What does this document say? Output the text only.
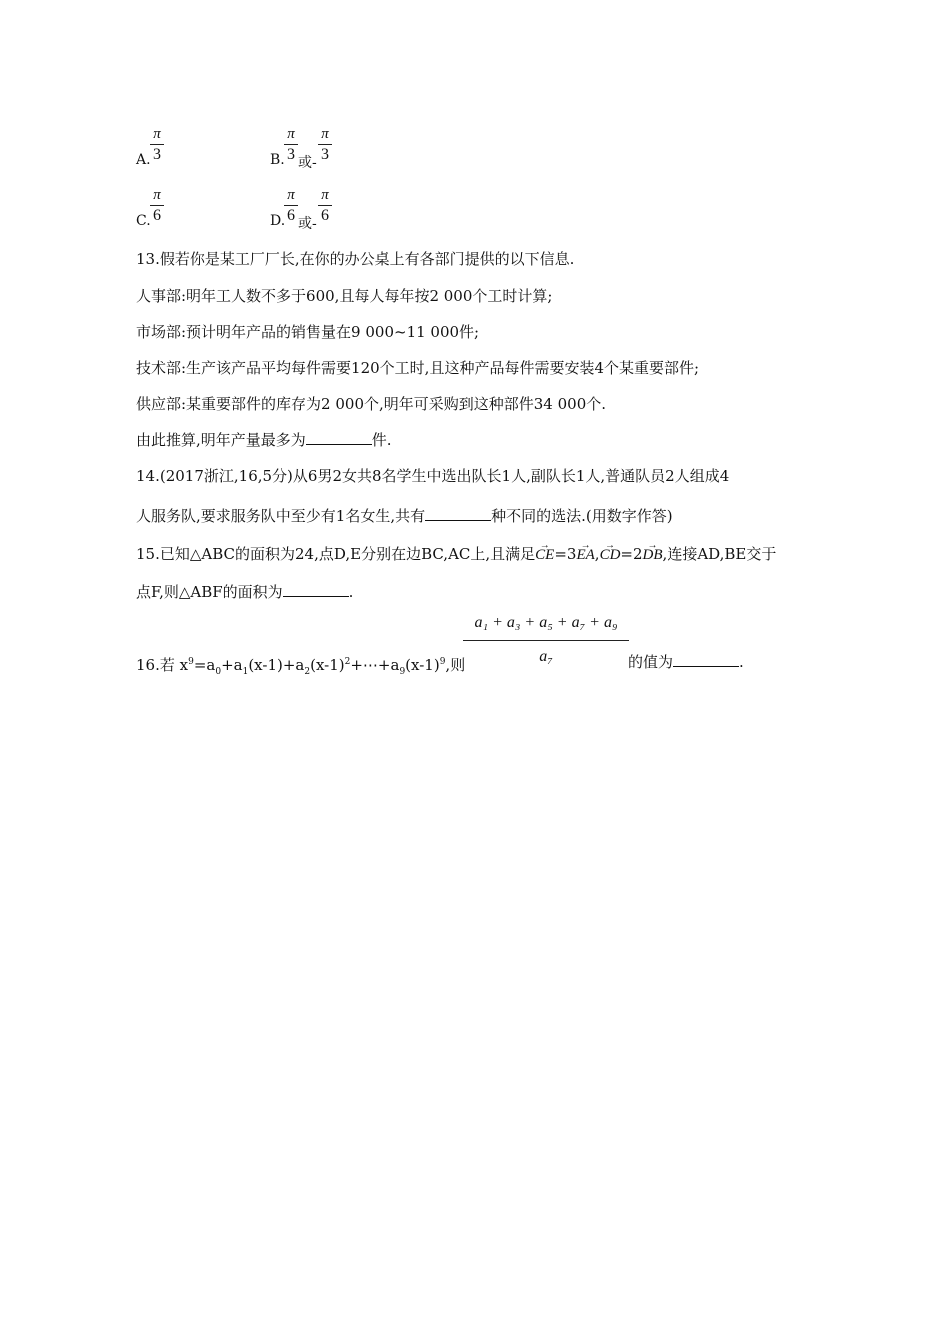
A.
π
3	B.
π
3 或-
π
3
C.
π
6	D.
π
6 或-
π
6
13.假若你是某工厂厂长,在你的办公桌上有各部门提供的以下信息.
人事部:明年工人数不多于600,且每人每年按2 000个工时计算;
市场部:预计明年产品的销售量在9 000~11 000件;
技术部:生产该产品平均每件需要120个工时,且这种产品每件需要安装4个某重要部件;
供应部:某重要部件的库存为2 000个,明年可采购到这种部件34 000个.
由此推算,明年产量最多为	件.
14.(2017浙江,16,5分)从6男2女共8名学生中选出队长1人,副队长1人,普通队员2人组成4
人服务队,要求服务队中至少有1名女生,共有	种不同的选法.(用数字作答)
15.已知△ABC的面积为24,点D,E分别在边BC,AC上,且满足→ CE=3→ EA,→ CD=2→ DB,连接AD,BE交于
点F,则△ABF的面积为	.
16.若 $x^9=a_0+a_1(x-1)+a_2(x-1)^2+\cdots+a_9(x-1)^9$,则
a₁ + a₃ + a₅ + a₇ + a₉
a₇	的值为	.
